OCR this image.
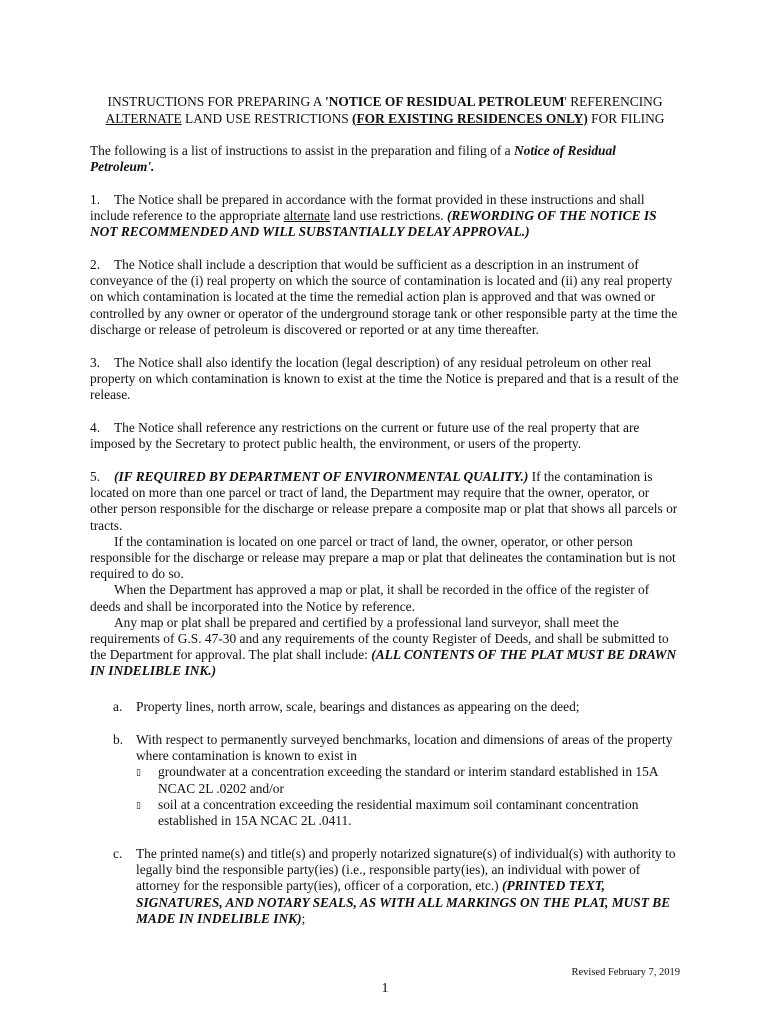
INSTRUCTIONS FOR PREPARING A 'NOTICE OF RESIDUAL PETROLEUM' REFERENCING
ALTERNATE LAND USE RESTRICTIONS (FOR EXISTING RESIDENCES ONLY) FOR FILING
The following is a list of instructions to assist in the preparation and filing of a Notice of Residual Petroleum'.
1. The Notice shall be prepared in accordance with the format provided in these instructions and shall include reference to the appropriate alternate land use restrictions. (REWORDING OF THE NOTICE IS NOT RECOMMENDED AND WILL SUBSTANTIALLY DELAY APPROVAL.)
2. The Notice shall include a description that would be sufficient as a description in an instrument of conveyance of the (i) real property on which the source of contamination is located and (ii) any real property on which contamination is located at the time the remedial action plan is approved and that was owned or controlled by any owner or operator of the underground storage tank or other responsible party at the time the discharge or release of petroleum is discovered or reported or at any time thereafter.
3. The Notice shall also identify the location (legal description) of any residual petroleum on other real property on which contamination is known to exist at the time the Notice is prepared and that is a result of the release.
4. The Notice shall reference any restrictions on the current or future use of the real property that are imposed by the Secretary to protect public health, the environment, or users of the property.
5. (IF REQUIRED BY DEPARTMENT OF ENVIRONMENTAL QUALITY.) If the contamination is located on more than one parcel or tract of land, the Department may require that the owner, operator, or other person responsible for the discharge or release prepare a composite map or plat that shows all parcels or tracts.
If the contamination is located on one parcel or tract of land, the owner, operator, or other person responsible for the discharge or release may prepare a map or plat that delineates the contamination but is not required to do so.
When the Department has approved a map or plat, it shall be recorded in the office of the register of deeds and shall be incorporated into the Notice by reference.
Any map or plat shall be prepared and certified by a professional land surveyor, shall meet the requirements of G.S. 47-30 and any requirements of the county Register of Deeds, and shall be submitted to the Department for approval. The plat shall include: (ALL CONTENTS OF THE PLAT MUST BE DRAWN IN INDELIBLE INK.)
a. Property lines, north arrow, scale, bearings and distances as appearing on the deed;
b. With respect to permanently surveyed benchmarks, location and dimensions of areas of the property where contamination is known to exist in
▯ groundwater at a concentration exceeding the standard or interim standard established in 15A NCAC 2L .0202 and/or
▯ soil at a concentration exceeding the residential maximum soil contaminant concentration established in 15A NCAC 2L .0411.
c. The printed name(s) and title(s) and properly notarized signature(s) of individual(s) with authority to legally bind the responsible party(ies) (i.e., responsible party(ies), an individual with power of attorney for the responsible party(ies), officer of a corporation, etc.) (PRINTED TEXT, SIGNATURES, AND NOTARY SEALS, AS WITH ALL MARKINGS ON THE PLAT, MUST BE MADE IN INDELIBLE INK);
Revised February 7, 2019
1
